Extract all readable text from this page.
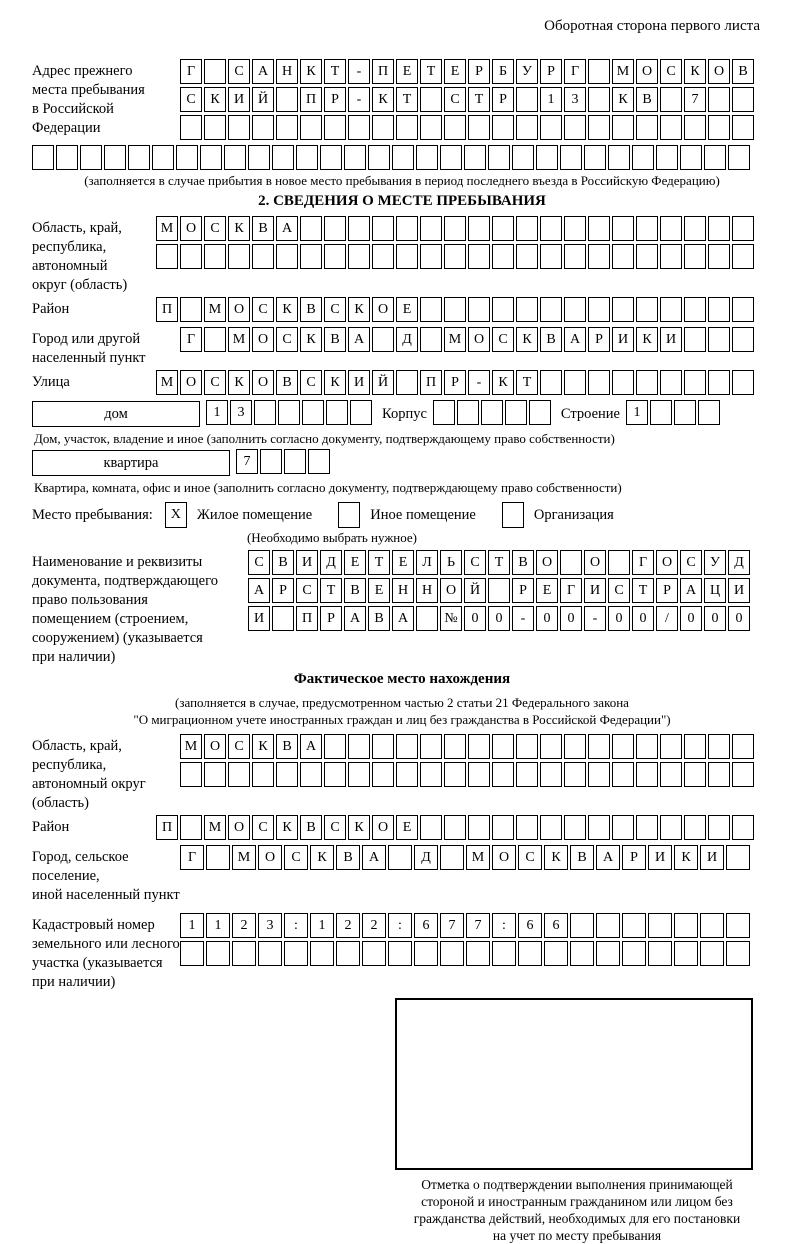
Оборотная сторона первого листа
Адрес прежнего
места пребывания
в Российской
Федерации
Г	С	А Н	К	Т	-	П	Е	Т	Е	Р	Б	У	Р	Г	М О	С	К	О	В
С	К	И Й	П	Р	-	К	Т	С	Т	Р	1	3	К	В	7
(заполняется в случае прибытия в новое место пребывания в период последнего въезда в Российскую Федерацию)
2. СВЕДЕНИЯ О МЕСТЕ ПРЕБЫВАНИЯ
Область, край,
республика,
автономный
округ (область)
М О	С	К	В	А
Район	П	М О	С	К	В	С	К	О	Е
Город или другой
населенный пункт
Г	М О	С	К	В	А	Д	М О	С	К	В	А	Р	И	К	И
Улица	М О	С	К	О	В	С	К	И Й	П	Р	-	К	Т
дом	1	3	Корпус	Строение 1
Дом, участок, владение и иное (заполнить согласно документу, подтверждающему право собственности)
квартира	7
Квартира, комната, офис и иное (заполнить согласно документу, подтверждающему право собственности)
Место пребывания:	X	Жилое помещение	Иное помещение	Организация
(Необходимо выбрать нужное)
Наименование и реквизиты
документа, подтверждающего
право пользования
помещением (строением,
сооружением) (указывается
при наличии)
С	В	И	Д	Е	Т	Е	Л	Ь	С	Т	В	О	О	Г	О	С	У	Д
А	Р	С	Т	В	Е	Н Н О Й	Р	Е	Г	И	С	Т	Р	А Ц И
И	П	Р	А	В	А	№ 0	0	-	0	0	-	0	0	/	0	0	0
Фактическое место нахождения
(заполняется в случае, предусмотренном частью 2 статьи 21 Федерального закона
"О миграционном учете иностранных граждан и лиц без гражданства в Российской Федерации")
Область, край,
республика,
автономный округ
(область)
М О	С	К	В	А
Район	П	М О	С	К	В	С	К	О	Е
Город, сельское поселение,
иной населенный пункт
Г	М	О	С	К	В	А	Д	М	О	С	К	В	А	Р	И	К	И
Кадастровый номер
земельного или лесного
участка (указывается
при наличии)
1	1	2	3	:	1	2	2	:	6	7	7	:	6	6
Отметка о подтверждении выполнения принимающей
стороной и иностранным гражданином или лицом без
гражданства действий, необходимых для его постановки
на учет по месту пребывания
